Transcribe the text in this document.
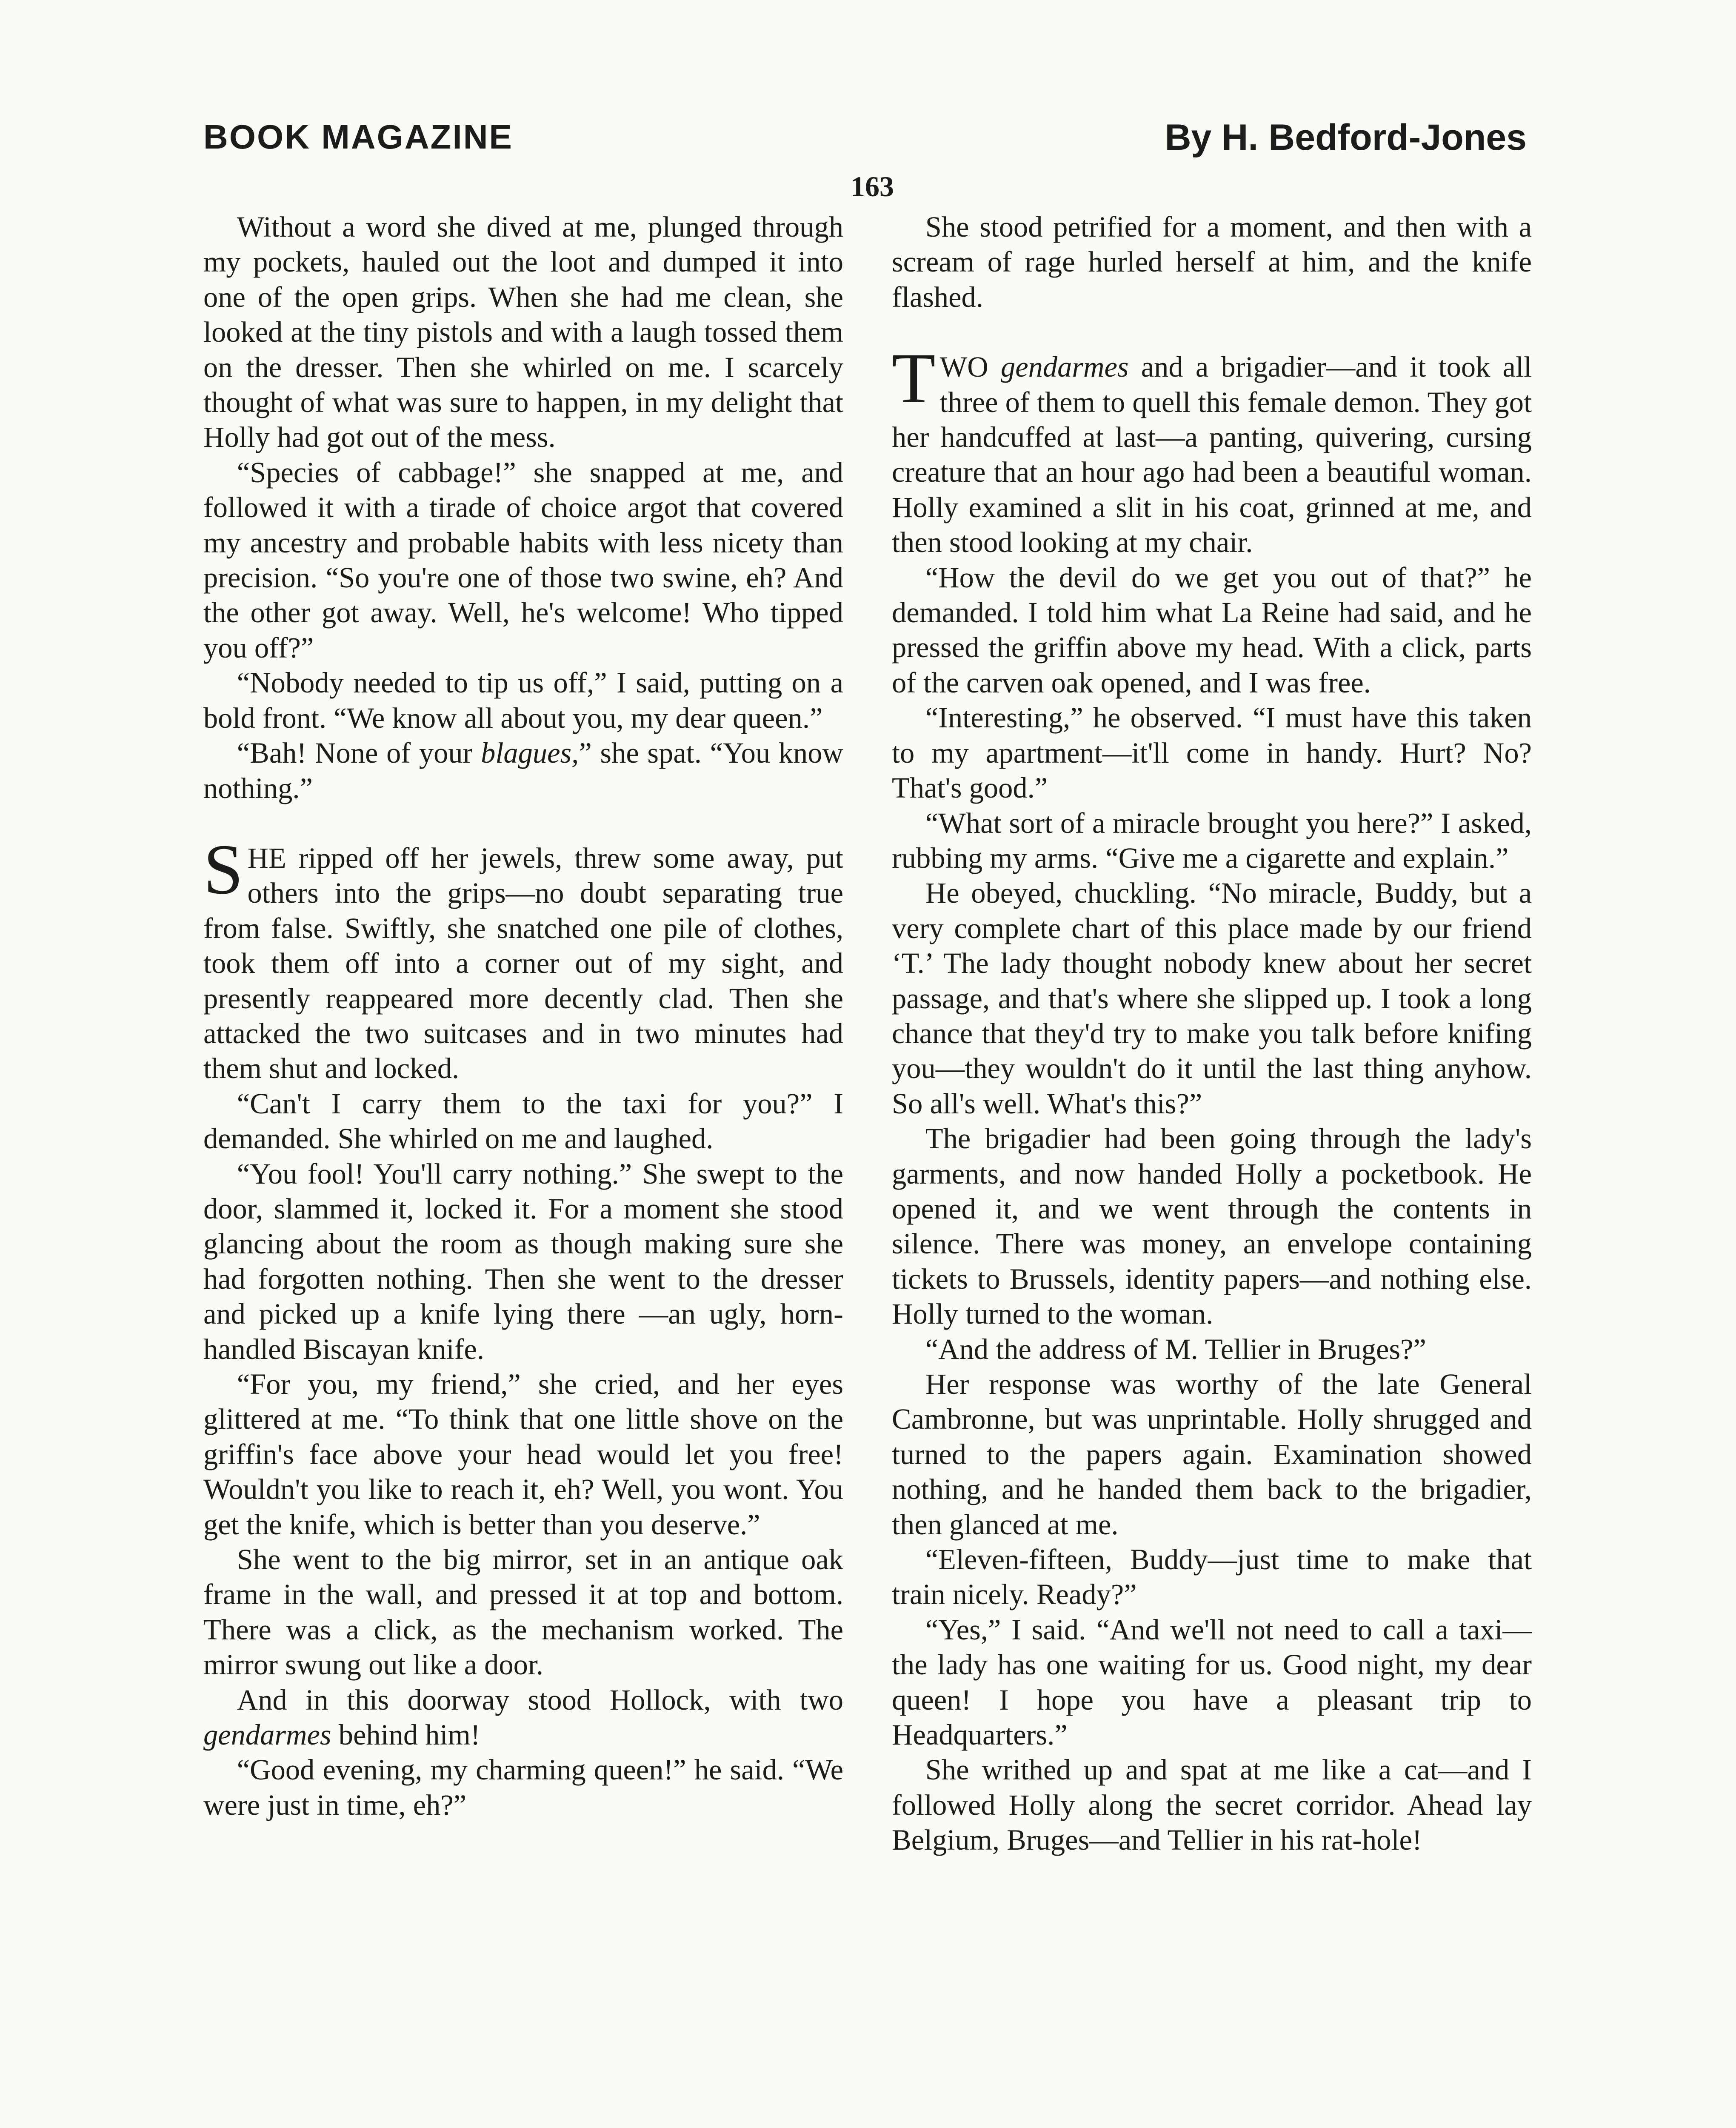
BOOK MAGAZINE	By H. Bedford-Jones
163

Without a word she dived at me, plunged through my pockets, hauled out the loot and dumped it into one of the open grips. When she had me clean, she looked at the tiny pistols and with a laugh tossed them on the dresser. Then she whirled on me. I scarcely thought of what was sure to happen, in my delight that Holly had got out of the mess.

“Species of cabbage!” she snapped at me, and followed it with a tirade of choice argot that covered my ancestry and probable habits with less nicety than precision. “So you're one of those two swine, eh? And the other got away. Well, he's welcome! Who tipped you off?”

“Nobody needed to tip us off,” I said, putting on a bold front. “We know all about you, my dear queen.”

“Bah! None of your blagues,” she spat. “You know nothing.”

SHE ripped off her jewels, threw some away, put others into the grips—no doubt separating true from false. Swiftly, she snatched one pile of clothes, took them off into a corner out of my sight, and presently reappeared more decently clad. Then she attacked the two suitcases and in two minutes had them shut and locked.

“Can't I carry them to the taxi for you?” I demanded. She whirled on me and laughed.

“You fool! You'll carry nothing.” She swept to the door, slammed it, locked it. For a moment she stood glancing about the room as though making sure she had forgotten nothing. Then she went to the dresser and picked up a knife lying there —an ugly, horn-handled Biscayan knife.

“For you, my friend,” she cried, and her eyes glittered at me. “To think that one little shove on the griffin's face above your head would let you free! Wouldn't you like to reach it, eh? Well, you wont. You get the knife, which is better than you deserve.”

She went to the big mirror, set in an antique oak frame in the wall, and pressed it at top and bottom. There was a click, as the mechanism worked. The mirror swung out like a door.

And in this doorway stood Hollock, with two gendarmes behind him!

“Good evening, my charming queen!” he said. “We were just in time, eh?”

She stood petrified for a moment, and then with a scream of rage hurled herself at him, and the knife flashed.

TWO gendarmes and a brigadier—and it took all three of them to quell this female demon. They got her handcuffed at last—a panting, quivering, cursing creature that an hour ago had been a beautiful woman. Holly examined a slit in his coat, grinned at me, and then stood looking at my chair.

“How the devil do we get you out of that?” he demanded. I told him what La Reine had said, and he pressed the griffin above my head. With a click, parts of the carven oak opened, and I was free.

“Interesting,” he observed. “I must have this taken to my apartment—it'll come in handy. Hurt? No? That's good.”

“What sort of a miracle brought you here?” I asked, rubbing my arms. “Give me a cigarette and explain.”

He obeyed, chuckling. “No miracle, Buddy, but a very complete chart of this place made by our friend ‘T.’ The lady thought nobody knew about her secret passage, and that's where she slipped up. I took a long chance that they'd try to make you talk before knifing you—they wouldn't do it until the last thing anyhow. So all's well. What's this?”

The brigadier had been going through the lady's garments, and now handed Holly a pocketbook. He opened it, and we went through the contents in silence. There was money, an envelope containing tickets to Brussels, identity papers—and nothing else. Holly turned to the woman.

“And the address of M. Tellier in Bruges?”

Her response was worthy of the late General Cambronne, but was unprintable. Holly shrugged and turned to the papers again. Examination showed nothing, and he handed them back to the brigadier, then glanced at me.

“Eleven-fifteen, Buddy—just time to make that train nicely. Ready?”

“Yes,” I said. “And we'll not need to call a taxi—the lady has one waiting for us. Good night, my dear queen! I hope you have a pleasant trip to Headquarters.”

She writhed up and spat at me like a cat—and I followed Holly along the secret corridor. Ahead lay Belgium, Bruges—and Tellier in his rat-hole!
